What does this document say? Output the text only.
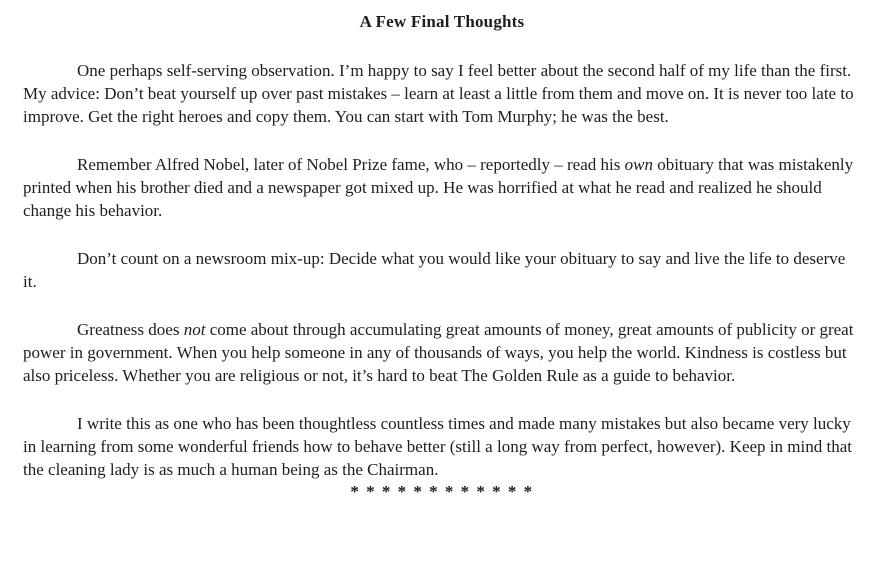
A Few Final Thoughts

One perhaps self-serving observation. I’m happy to say I feel better about the second half of my life than the first. My advice: Don’t beat yourself up over past mistakes – learn at least a little from them and move on. It is never too late to improve. Get the right heroes and copy them. You can start with Tom Murphy; he was the best.

Remember Alfred Nobel, later of Nobel Prize fame, who – reportedly – read his own obituary that was mistakenly printed when his brother died and a newspaper got mixed up. He was horrified at what he read and realized he should change his behavior.

Don’t count on a newsroom mix-up: Decide what you would like your obituary to say and live the life to deserve it.

Greatness does not come about through accumulating great amounts of money, great amounts of publicity or great power in government. When you help someone in any of thousands of ways, you help the world. Kindness is costless but also priceless. Whether you are religious or not, it’s hard to beat The Golden Rule as a guide to behavior.

I write this as one who has been thoughtless countless times and made many mistakes but also became very lucky in learning from some wonderful friends how to behave better (still a long way from perfect, however). Keep in mind that the cleaning lady is as much a human being as the Chairman.

* * * * * * * * * * * *
